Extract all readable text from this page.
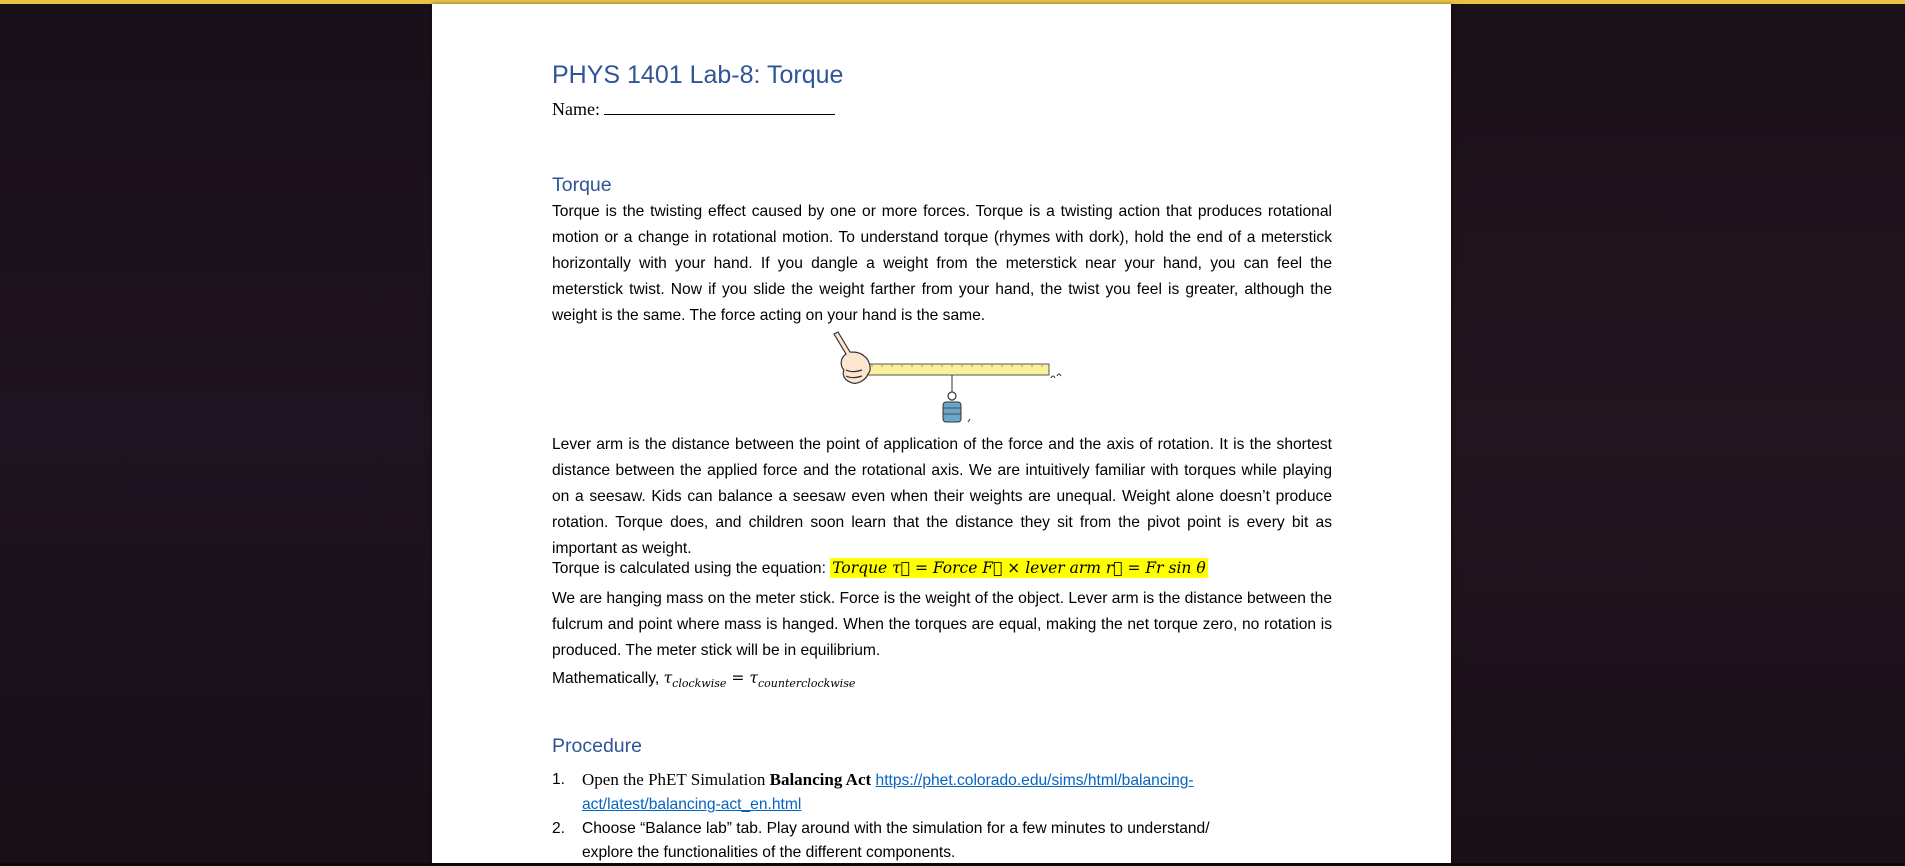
PHYS 1401 Lab-8: Torque
Name:
Torque
Torque is the twisting effect caused by one or more forces. Torque is a twisting action that produces rotational motion or a change in rotational motion. To understand torque (rhymes with dork), hold the end of a meterstick horizontally with your hand. If you dangle a weight from the meterstick near your hand, you can feel the meterstick twist. Now if you slide the weight farther from your hand, the twist you feel is greater, although the weight is the same. The force acting on your hand is the same.
Lever arm is the distance between the point of application of the force and the axis of rotation. It is the shortest distance between the applied force and the rotational axis. We are intuitively familiar with torques while playing on a seesaw. Kids can balance a seesaw even when their weights are unequal. Weight alone doesn’t produce rotation. Torque does, and children soon learn that the distance they sit from the pivot point is every bit as important as weight.
Torque is calculated using the equation: Torque τ⃗ = Force F⃗ × lever arm r⃗ = Fr sin θ
We are hanging mass on the meter stick. Force is the weight of the object. Lever arm is the distance between the fulcrum and point where mass is hanged. When the torques are equal, making the net torque zero, no rotation is produced. The meter stick will be in equilibrium.
Mathematically, $\tau_{clockwise} = \tau_{counterclockwise}$
Procedure
1. Open the PhET Simulation Balancing Act https://phet.colorado.edu/sims/html/balancing-
act/latest/balancing-act_en.html
2. Choose “Balance lab” tab. Play around with the simulation for a few minutes to understand/
explore the functionalities of the different components.
